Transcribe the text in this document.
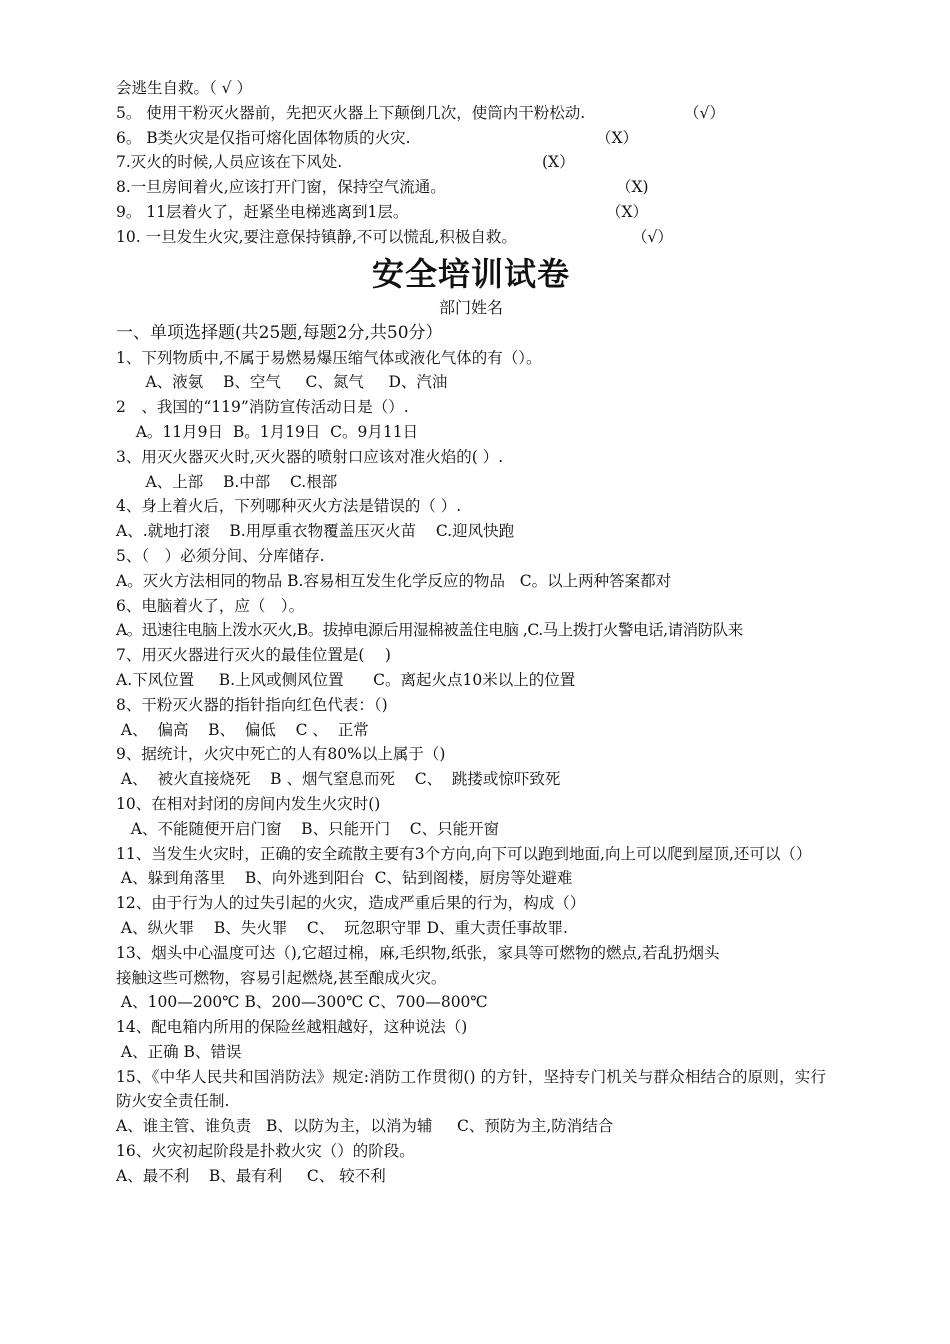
会逃生自救。（ √ ）
5。 使用干粉灭火器前，先把灭火器上下颠倒几次，使筒内干粉松动.	（√）
6。 B类火灾是仅指可熔化固体物质的火灾.	（X）
7.灭火的时候,人员应该在下风处.	(X）
8.一旦房间着火,应该打开门窗，保持空气流通。	（X)
9。 11层着火了，赶紧坐电梯逃离到1层。	（X）
10. 一旦发生火灾,要注意保持镇静,不可以慌乱,积极自救。	（√）
安全培训试卷
部门姓名
一、单项选择题(共25题,每题2分,共50分）
1、下列物质中,不属于易燃易爆压缩气体或液化气体的有（）。
A、液氨    B、空气     C、氮气     D、汽油
2　、我国的“119”消防宣传活动日是（）.
A。11月9日  B。1月19日  C。9月11日
3、用灭火器灭火时,灭火器的喷射口应该对准火焰的( ）.
A、上部    B.中部    C.根部
4、身上着火后，下列哪种灭火方法是错误的（ ）.
A、.就地打滚    B.用厚重衣物覆盖压灭火苗    C.迎风快跑
5、（　）必须分间、分库储存.
A。灭火方法相同的物品 B.容易相互发生化学反应的物品   C。以上两种答案都对
6、电脑着火了，应（　）。
A。迅速往电脑上泼水灭火,B。拔掉电源后用湿棉被盖住电脑 ,C.马上拨打火警电话,请消防队来
7、用灭火器进行灭火的最佳位置是(　 )
A.下风位置     B.上风或侧风位置      C。离起火点10米以上的位置
8、干粉灭火器的指针指向红色代表：（)
A、  偏高    B、  偏低    C 、  正常
9、据统计，火灾中死亡的人有80%以上属于（)
A、  被火直接烧死    B 、烟气窒息而死    C、  跳搂或惊吓致死
10、在相对封闭的房间内发生火灾时()
A、不能随便开启门窗    B、只能开门    C、只能开窗
11、当发生火灾时，正确的安全疏散主要有3个方向,向下可以跑到地面,向上可以爬到屋顶,还可以（）
A、躲到角落里    B、向外逃到阳台  C、钻到阁楼，厨房等处避难
12、由于行为人的过失引起的火灾，造成严重后果的行为，构成（）
A、纵火罪    B、失火罪    C、  玩忽职守罪 D、重大责任事故罪.
13、烟头中心温度可达（),它超过棉，麻,毛织物,纸张，家具等可燃物的燃点,若乱扔烟头
接触这些可燃物，容易引起燃烧,甚至酿成火灾。
A、100—200℃ B、200—300℃ C、700—800℃
14、配电箱内所用的保险丝越粗越好，这种说法（)
A、正确 B、错误
15、《中华人民共和国消防法》规定:消防工作贯彻() 的方针，坚持专门机关与群众相结合的原则，实行防火安全责任制.
A、谁主管、谁负责   B、以防为主，以消为辅     C、预防为主,防消结合
16、火灾初起阶段是扑救火灾（）的阶段。
A、最不利    B、最有利     C、 较不利
